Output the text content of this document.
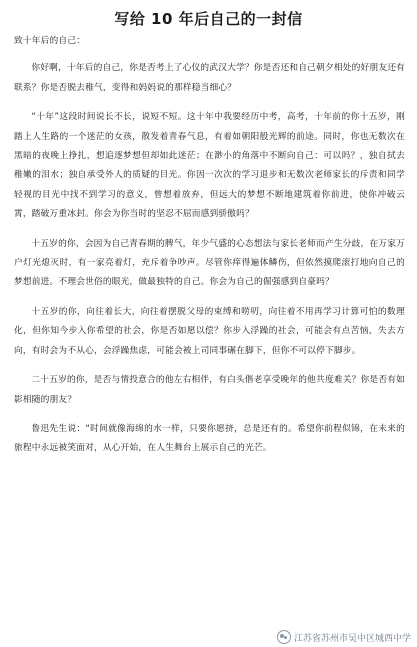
写给 10 年后自己的一封信

致十年后的自己：

你好啊，十年后的自己，你是否考上了心仪的武汉大学？你是否还和自己朝夕相处的好朋友还有联系？你是否脱去稚气，变得和妈妈说的那样稳当细心？

“十年”这段时间说长不长，说短不短。这十年中我要经历中考，高考，十年前的你十五岁，刚踏上人生路的一个迷茫的女孩，散发着青春气息，有着如朝阳般光辉的前途。同时，你也无数次在黑暗的夜晚上挣扎，想追逐梦想但却如此迷茫；在渺小的角落中不断向自己：可以吗？，独自拭去稚嫩的泪水；独自承受外人的质疑的目光。你因一次次的学习退步和无数次老师家长的斥责和同学轻视的目光中找不到学习的意义，曾想着放弃，但远大的梦想不断地建筑着你前进，使你冲破云霄，踏破万重冰封。你会为你当时的坚忍不屈而感到骄傲吗？

十五岁的你，会因为自己青春期的脾气，年少气盛的心态想法与家长老师而产生分歧，在万家万户灯光熄灭时，有一家亮着灯，充斥着争吵声。尽管你痒得遍体鳞伤，但依然摸爬滚打地向自己的梦想前进。不理会世俗的眼光，做最独特的自己。你会为自己的倔强感到自豪吗？

十五岁的你，向往着长大，向往着摆脱父母的束缚和唠叨，向往着不用再学习计算可怕的数理化，但你知今步入你希望的社会，你是否如愿以偿？你步入浮躁的社会，可能会有点苦恼，失去方向，有时会为不从心，会浮躁焦虑，可能会被上司同事碾在脚下，但你不可以停下脚步。

二十五岁的你，是否与情投意合的他左右相伴，有白头偕老享受晚年的他共度难关？你是否有如影相随的朋友？

鲁迅先生说：“时间就像海绵的水一样，只要你愿挤，总是还有的。希望你前程似锦，在未来的旅程中永远被笑面对，从心开始，在人生舞台上展示自己的光芒。

江苏省苏州市吴中区城西中学
